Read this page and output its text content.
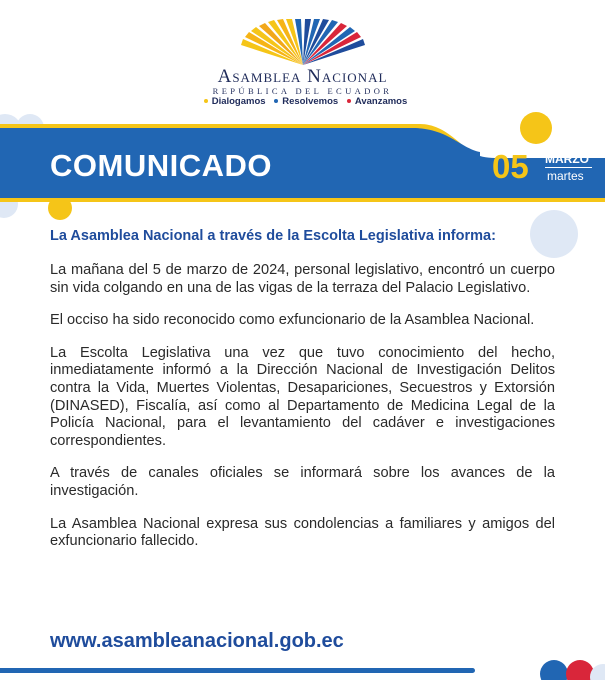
Asamblea Nacional
REPÚBLICA DEL ECUADOR
Dialogamos Resolvemos Avanzamos
COMUNICADO	05 MARZO
martes
La Asamblea Nacional a través de la Escolta Legislativa informa:

La mañana del 5 de marzo de 2024, personal legislativo, encontró un cuerpo sin vida colgando en una de las vigas de la terraza del Palacio Legislativo.

El occiso ha sido reconocido como exfuncionario de la Asamblea Nacional.

La Escolta Legislativa una vez que tuvo conocimiento del hecho, inmediatamente informó a la Dirección Nacional de Investigación Delitos contra la Vida, Muertes Violentas, Desapariciones, Secuestros y Extorsión (DINASED), Fiscalía, así como al Departamento de Medicina Legal de la Policía Nacional, para el levantamiento del cadáver e investigaciones correspondientes.

A través de canales oficiales se informará sobre los avances de la investigación.

La Asamblea Nacional expresa sus condolencias a familiares y amigos del exfuncionario fallecido.

www.asambleanacional.gob.ec
